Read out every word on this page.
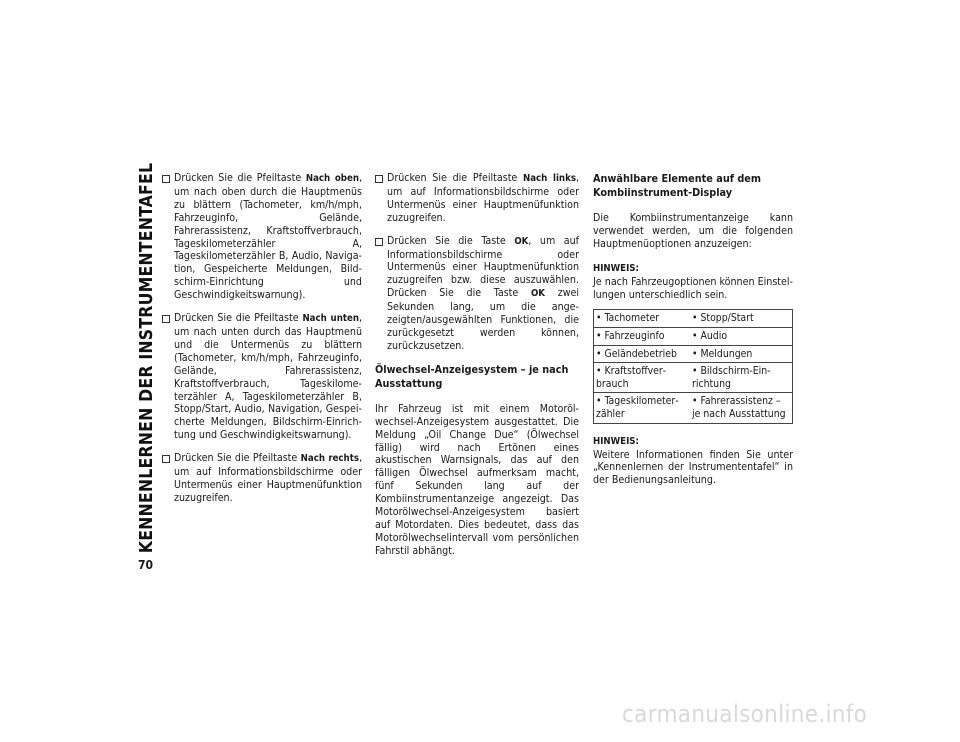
KENNENLERNEN DER INSTRUMENTENTAFEL
70
Drücken Sie die Pfeiltaste Nach oben, um nach oben durch die Hauptmenüs zu blättern (Tachometer, km/h/mph, Fahrzeuginfo, Gelände, Fahrerassistenz, Kraftstoffverbrauch, Tageskilometerzähler A, Tageskilometerzähler B, Audio, Navigation, Gespeicherte Meldungen, Bildschirm-Einrichtung und Geschwindigkeitswarnung).
Drücken Sie die Pfeiltaste Nach unten, um nach unten durch das Hauptmenü und die Untermenüs zu blättern (Tachometer, km/h/mph, Fahrzeuginfo, Gelände, Fahrerassistenz, Kraftstoffverbrauch, Tageskilometerzähler A, Tageskilometerzähler B, Stopp/Start, Audio, Navigation, Gespeicherte Meldungen, Bildschirm-Einrichtung und Geschwindigkeitswarnung).
Drücken Sie die Pfeiltaste Nach rechts, um auf Informationsbildschirme oder Untermenüs einer Hauptmenüfunktion zuzugreifen.
Drücken Sie die Pfeiltaste Nach links, um auf Informationsbildschirme oder Untermenüs einer Hauptmenüfunktion zuzugreifen.
Drücken Sie die Taste OK, um auf Informationsbildschirme oder Untermenüs einer Hauptmenüfunktion zuzugreifen bzw. diese auszuwählen. Drücken Sie die Taste OK zwei Sekunden lang, um die angezeigten/ausgewählten Funktionen, die zurückgesetzt werden können, zurückzusetzen.
Ölwechsel-Anzeigesystem – je nach Ausstattung

Ihr Fahrzeug ist mit einem Motorölwechsel-Anzeigesystem ausgestattet. Die Meldung „Oil Change Due“ (Ölwechsel fällig) wird nach Ertönen eines akustischen Warnsignals, das auf den fälligen Ölwechsel aufmerksam macht, fünf Sekunden lang auf der Kombiinstrumentanzeige angezeigt. Das Motorölwechsel-Anzeigesystem basiert auf Motordaten. Dies bedeutet, dass das Motorölwechselintervall vom persönlichen Fahrstil abhängt.

Anwählbare Elemente auf dem Kombiinstrument-Display

Die Kombiinstrumentanzeige kann verwendet werden, um die folgenden Hauptmenüoptionen anzuzeigen:

HINWEIS:
Je nach Fahrzeugoptionen können Einstellungen unterschiedlich sein.
• Tachometer	• Stopp/Start
• Fahrzeuginfo	• Audio
• Geländebetrieb	• Meldungen
• Kraftstoffverbrauch	• Bildschirm-Einrichtung
• Tageskilometerzähler	• Fahrerassistenz – je nach Ausstattung
HINWEIS:
Weitere Informationen finden Sie unter „Kennenlernen der Instrumententafel“ in der Bedienungsanleitung.
carmanualsonline.info
